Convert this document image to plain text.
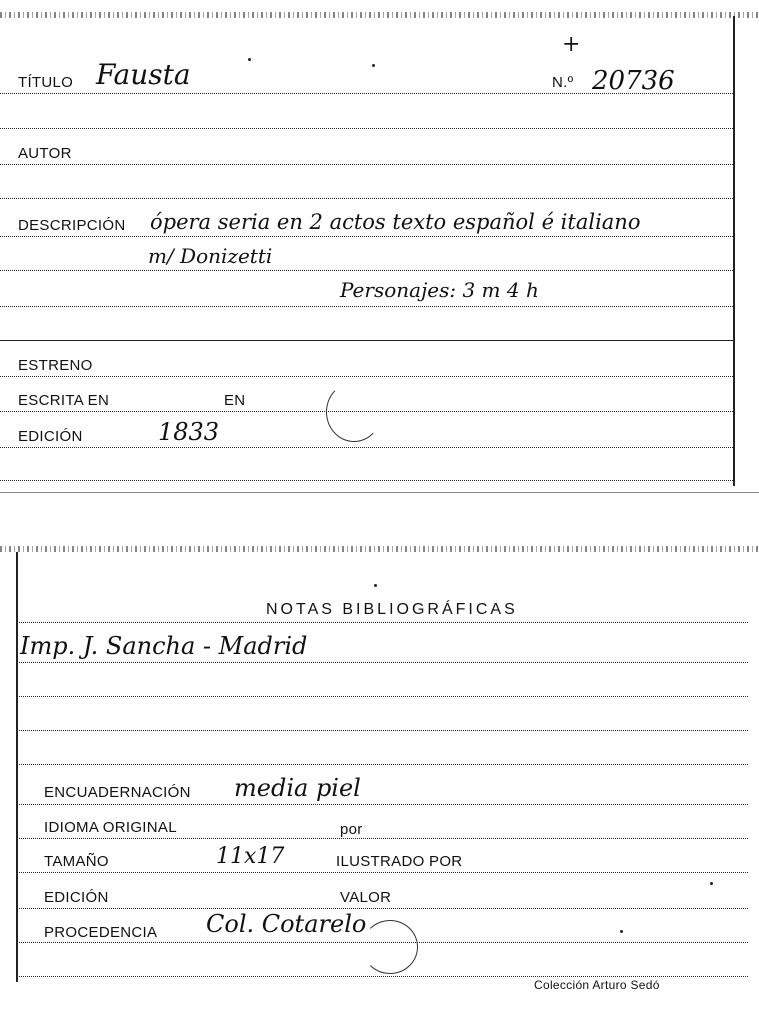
TÍTULO Fausta
+
N.º 20736
AUTOR
DESCRIPCIÓN ópera seria en 2 actos texto español é italiano
m/ Donizetti
Personajes: 3 m 4 h
ESTRENO
ESCRITA EN	EN
EDICIÓN	1833
NOTAS BIBLIOGRÁFICAS
Imp. J. Sancha - Madrid
ENCUADERNACIÓN media piel
IDIOMA ORIGINAL	por
TAMAÑO	11x17	ILUSTRADO POR
EDICIÓN	VALOR
PROCEDENCIA Col. Cotarelo
Colección Arturo Sedó
